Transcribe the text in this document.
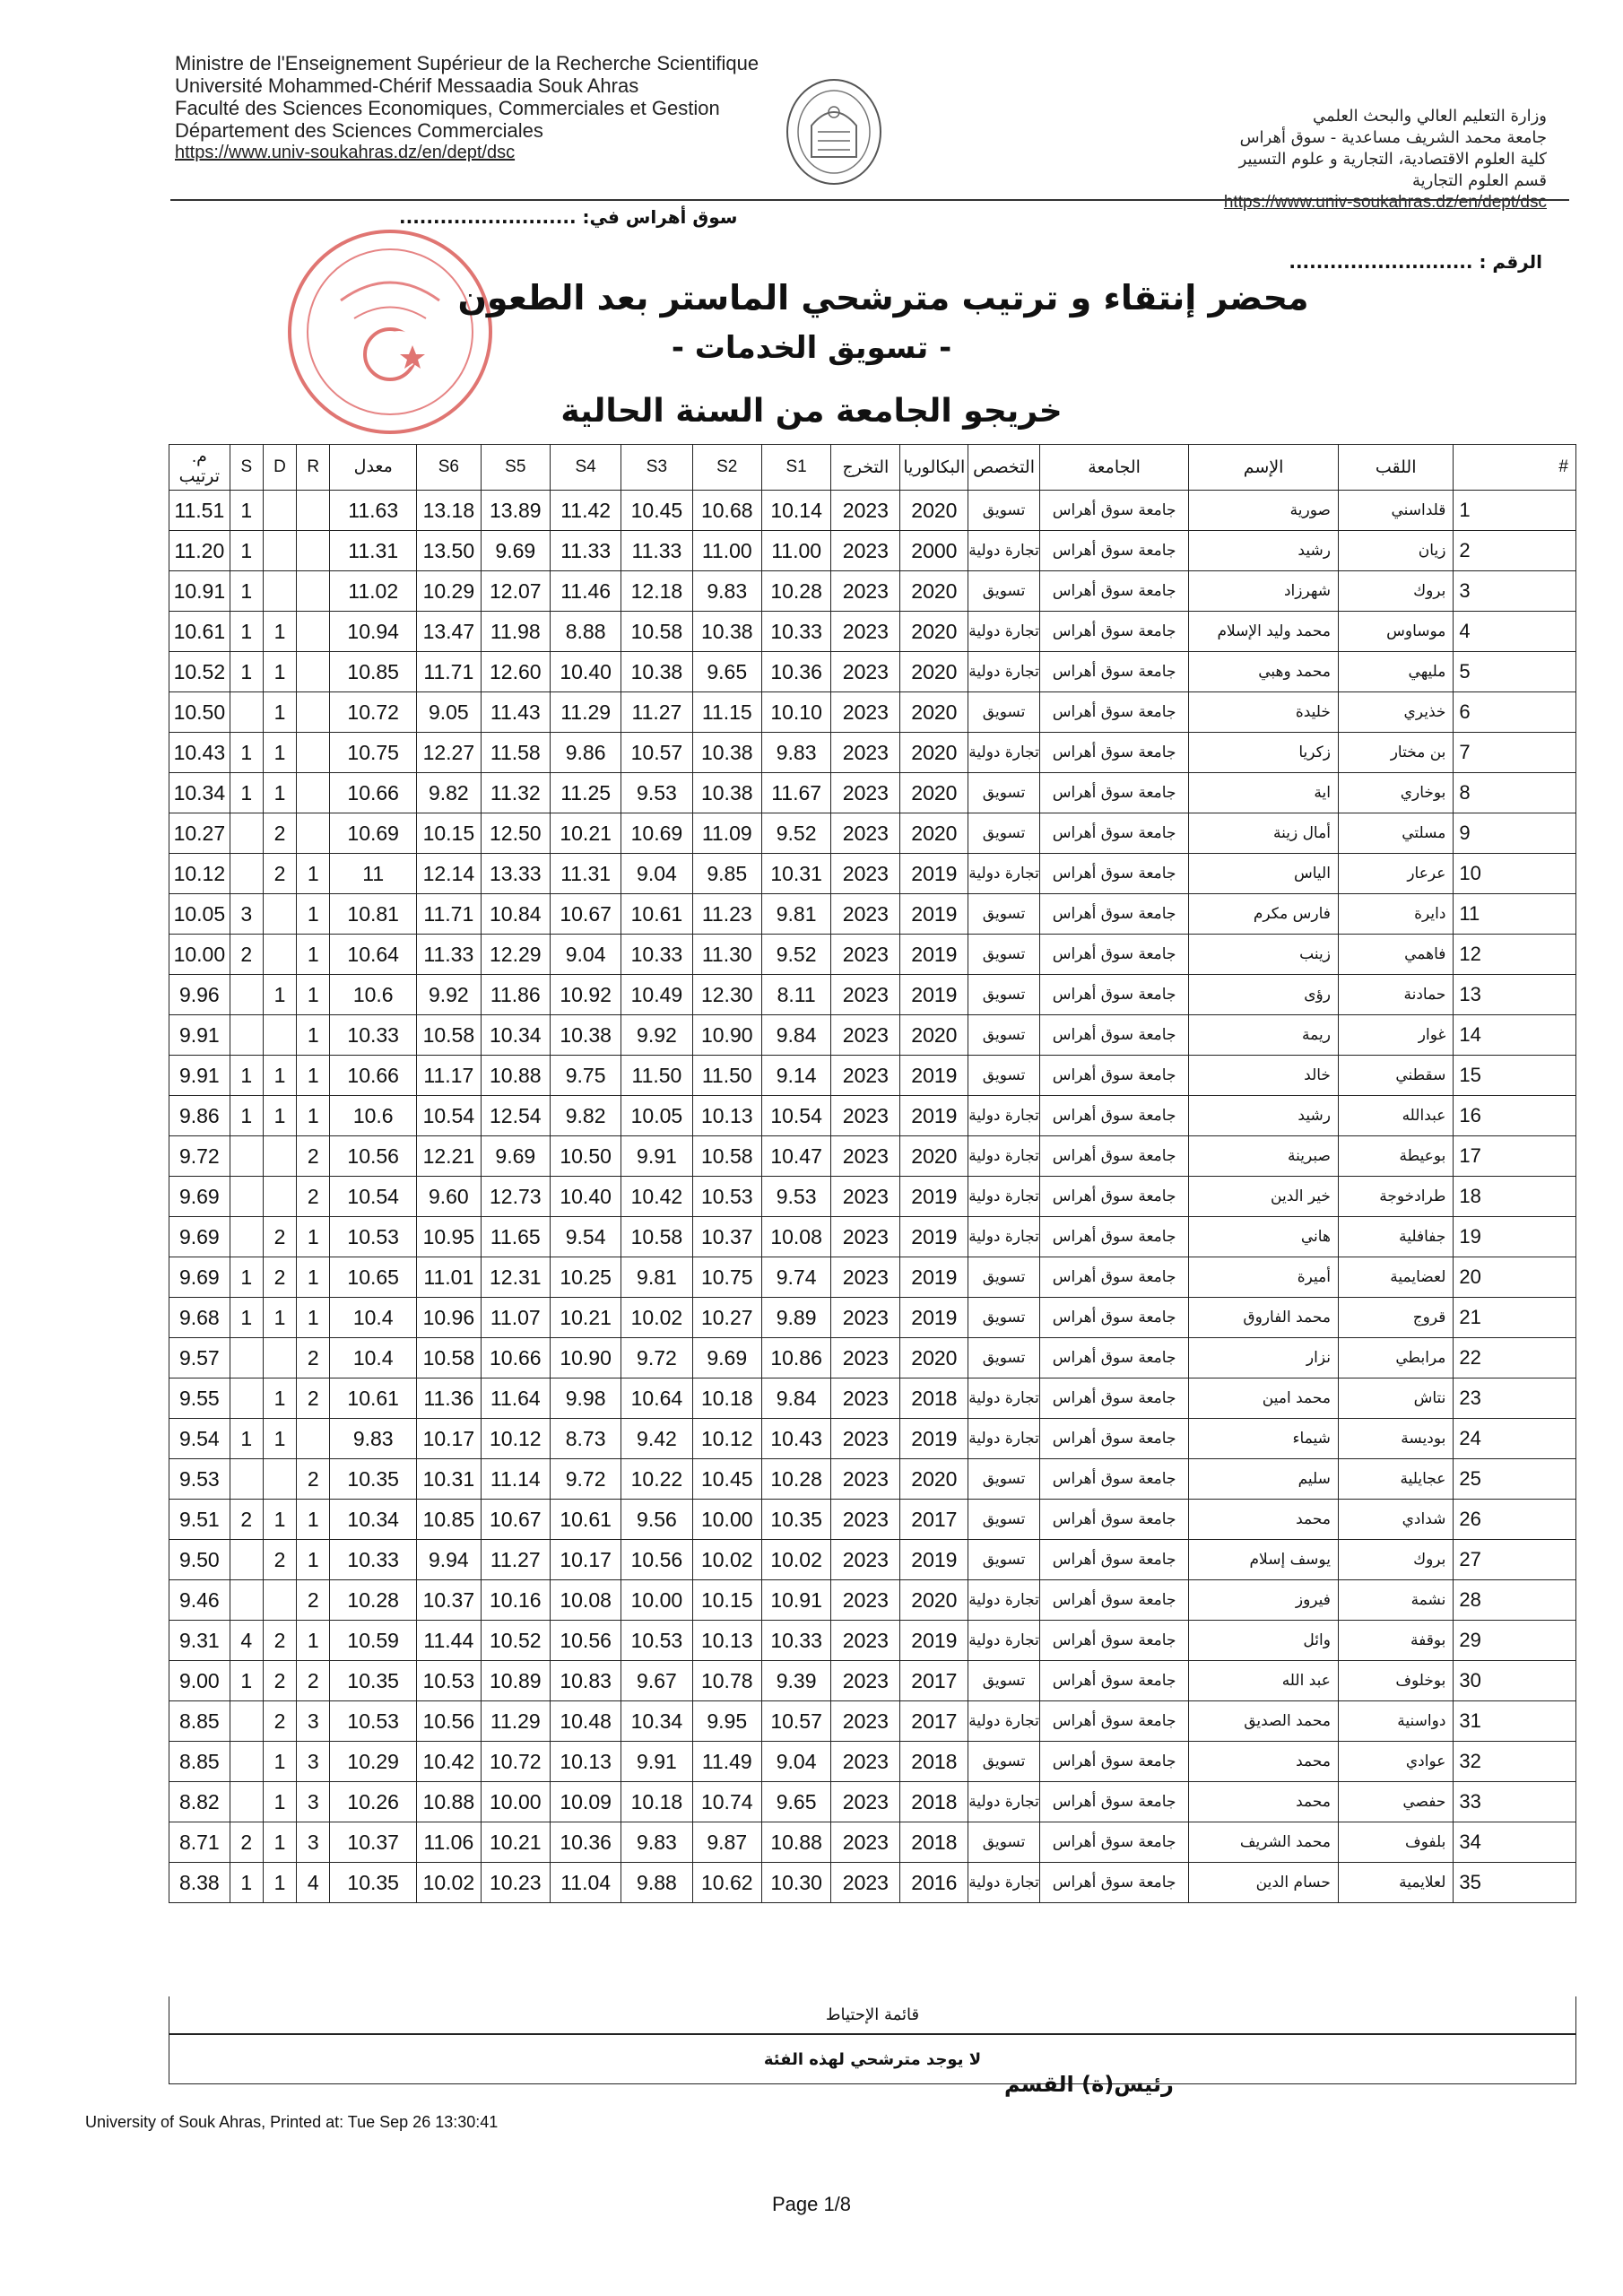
Ministre de l'Enseignement Supérieur de la Recherche Scientifique
Université Mohammed-Chérif Messaadia Souk Ahras
Faculté des Sciences Economiques, Commerciales et Gestion
Département des Sciences Commerciales
https://www.univ-soukahras.dz/en/dept/dsc
وزارة التعليم العالي والبحث العلمي
جامعة محمد الشريف مساعدية - سوق أهراس
كلية العلوم الاقتصادية، التجارية و علوم التسيير
قسم العلوم التجارية
https://www.univ-soukahras.dz/en/dept/dsc
سوق أهراس في: ..........................
الرقم : ...........................
محضر إنتقاء و ترتيب مترشحي الماستر بعد الطعون
- تسويق الخدمات -
خريجو الجامعة من السنة الحالية
م. ترتيب	S	D	R	معدل	S6	S5	S4	S3	S2	S1	التخرج	البكالوريا	التخصص	الجامعة	الإسم	اللقب	#
11.51	1			11.63	13.18	13.89	11.42	10.45	10.68	10.14	2023	2020	تسويق	جامعة سوق أهراس	صورية	قلداسني	1
11.20	1			11.31	13.50	9.69	11.33	11.33	11.00	11.00	2023	2000	تجارة دولية	جامعة سوق أهراس	رشيد	زيان	2
10.91	1			11.02	10.29	12.07	11.46	12.18	9.83	10.28	2023	2020	تسويق	جامعة سوق أهراس	شهرزاد	بروك	3
10.61	1	1		10.94	13.47	11.98	8.88	10.58	10.38	10.33	2023	2020	تجارة دولية	جامعة سوق أهراس	محمد وليد الإسلام	موساوس	4
10.52	1	1		10.85	11.71	12.60	10.40	10.38	9.65	10.36	2023	2020	تجارة دولية	جامعة سوق أهراس	محمد وهبي	مليهي	5
10.50		1		10.72	9.05	11.43	11.29	11.27	11.15	10.10	2023	2020	تسويق	جامعة سوق أهراس	خليدة	خذيري	6
10.43	1	1		10.75	12.27	11.58	9.86	10.57	10.38	9.83	2023	2020	تجارة دولية	جامعة سوق أهراس	زكريا	بن مختار	7
10.34	1	1		10.66	9.82	11.32	11.25	9.53	10.38	11.67	2023	2020	تسويق	جامعة سوق أهراس	اية	بوخاري	8
10.27		2		10.69	10.15	12.50	10.21	10.69	11.09	9.52	2023	2020	تسويق	جامعة سوق أهراس	أمال زينة	مسلتي	9
10.12		2	1	11	12.14	13.33	11.31	9.04	9.85	10.31	2023	2019	تجارة دولية	جامعة سوق أهراس	الياس	عرعار	10
10.05	3		1	10.81	11.71	10.84	10.67	10.61	11.23	9.81	2023	2019	تسويق	جامعة سوق أهراس	فارس مكرم	دايرة	11
10.00	2		1	10.64	11.33	12.29	9.04	10.33	11.30	9.52	2023	2019	تسويق	جامعة سوق أهراس	زينب	فاهمي	12
9.96		1	1	10.6	9.92	11.86	10.92	10.49	12.30	8.11	2023	2019	تسويق	جامعة سوق أهراس	رؤى	حمادنة	13
9.91			1	10.33	10.58	10.34	10.38	9.92	10.90	9.84	2023	2020	تسويق	جامعة سوق أهراس	ريمة	غوار	14
9.91	1	1	1	10.66	11.17	10.88	9.75	11.50	11.50	9.14	2023	2019	تسويق	جامعة سوق أهراس	خالد	سقطني	15
9.86	1	1	1	10.6	10.54	12.54	9.82	10.05	10.13	10.54	2023	2019	تجارة دولية	جامعة سوق أهراس	رشيد	عبدالله	16
9.72			2	10.56	12.21	9.69	10.50	9.91	10.58	10.47	2023	2020	تجارة دولية	جامعة سوق أهراس	صبرينة	بوعيطة	17
9.69			2	10.54	9.60	12.73	10.40	10.42	10.53	9.53	2023	2019	تجارة دولية	جامعة سوق أهراس	خير الدين	طرادخوجة	18
9.69		2	1	10.53	10.95	11.65	9.54	10.58	10.37	10.08	2023	2019	تجارة دولية	جامعة سوق أهراس	هاني	جفافلية	19
9.69	1	2	1	10.65	11.01	12.31	10.25	9.81	10.75	9.74	2023	2019	تسويق	جامعة سوق أهراس	أميرة	لعضايمية	20
9.68	1	1	1	10.4	10.96	11.07	10.21	10.02	10.27	9.89	2023	2019	تسويق	جامعة سوق أهراس	محمد الفاروق	قروج	21
9.57			2	10.4	10.58	10.66	10.90	9.72	9.69	10.86	2023	2020	تسويق	جامعة سوق أهراس	نزار	مرابطي	22
9.55		1	2	10.61	11.36	11.64	9.98	10.64	10.18	9.84	2023	2018	تجارة دولية	جامعة سوق أهراس	محمد امين	نتاش	23
9.54	1	1		9.83	10.17	10.12	8.73	9.42	10.12	10.43	2023	2019	تجارة دولية	جامعة سوق أهراس	شيماء	بوديسة	24
9.53			2	10.35	10.31	11.14	9.72	10.22	10.45	10.28	2023	2020	تسويق	جامعة سوق أهراس	سليم	عجايلية	25
9.51	2	1	1	10.34	10.85	10.67	10.61	9.56	10.00	10.35	2023	2017	تسويق	جامعة سوق أهراس	محمد	شدادي	26
9.50		2	1	10.33	9.94	11.27	10.17	10.56	10.02	10.02	2023	2019	تسويق	جامعة سوق أهراس	يوسف إسلام	بروك	27
9.46			2	10.28	10.37	10.16	10.08	10.00	10.15	10.91	2023	2020	تجارة دولية	جامعة سوق أهراس	فيروز	نشمة	28
9.31	4	2	1	10.59	11.44	10.52	10.56	10.53	10.13	10.33	2023	2019	تجارة دولية	جامعة سوق أهراس	وائل	بوقفة	29
9.00	1	2	2	10.35	10.53	10.89	10.83	9.67	10.78	9.39	2023	2017	تسويق	جامعة سوق أهراس	عبد الله	بوخلوف	30
8.85		2	3	10.53	10.56	11.29	10.48	10.34	9.95	10.57	2023	2017	تجارة دولية	جامعة سوق أهراس	محمد الصديق	دواسنية	31
8.85		1	3	10.29	10.42	10.72	10.13	9.91	11.49	9.04	2023	2018	تسويق	جامعة سوق أهراس	محمد	عوادي	32
8.82		1	3	10.26	10.88	10.00	10.09	10.18	10.74	9.65	2023	2018	تجارة دولية	جامعة سوق أهراس	محمد	حفصي	33
8.71	2	1	3	10.37	11.06	10.21	10.36	9.83	9.87	10.88	2023	2018	تسويق	جامعة سوق أهراس	محمد الشريف	بلفوف	34
8.38	1	1	4	10.35	10.02	10.23	11.04	9.88	10.62	10.30	2023	2016	تجارة دولية	جامعة سوق أهراس	حسام الدين	لعلايمية	35
قائمة الإحتياط
لا يوجد مترشحي لهذه الفئة
رئيس(ة) القسم
University of Souk Ahras, Printed at: Tue Sep 26 13:30:41
Page 1/8
